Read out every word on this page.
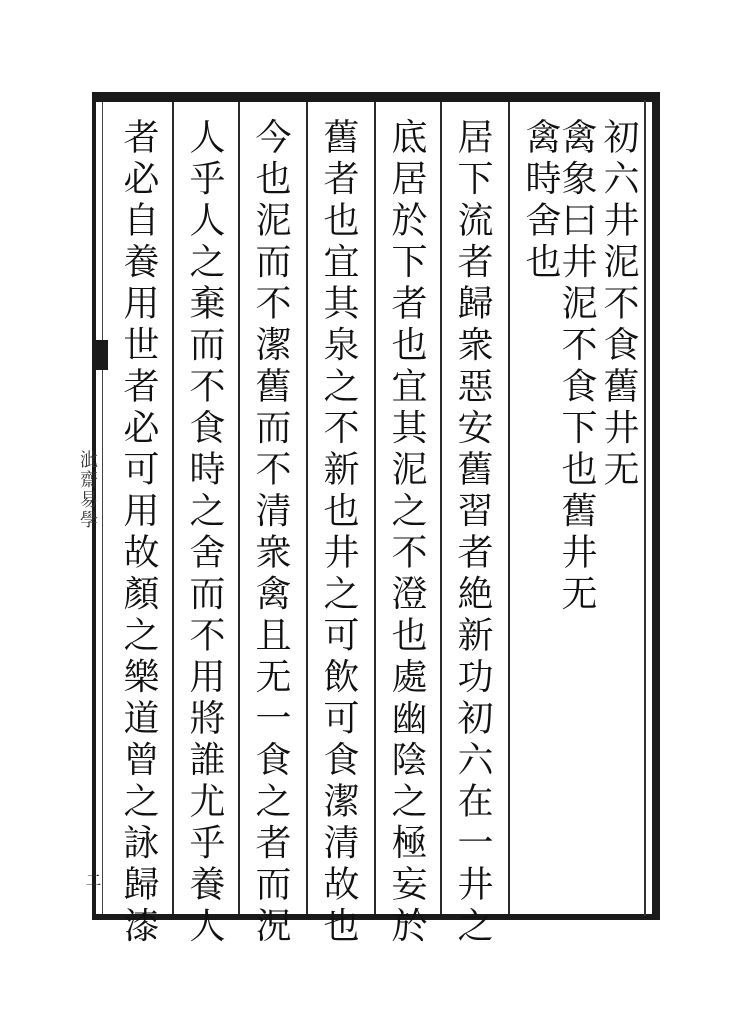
泚齋易學
二
初六井泥不食舊井无
禽象曰井泥不食下也舊井无
禽時舍也
居下流者歸衆惡安舊習者絶新功初六在一井之
底居於下者也宜其泥之不澄也處幽陰之極妄於
舊者也宜其泉之不新也井之可飲可食潔清故也
今也泥而不潔舊而不清衆禽且无一食之者而況
人乎人之棄而不食時之舍而不用將誰尤乎養人
者必自養用世者必可用故顏之樂道曾之詠歸漆
